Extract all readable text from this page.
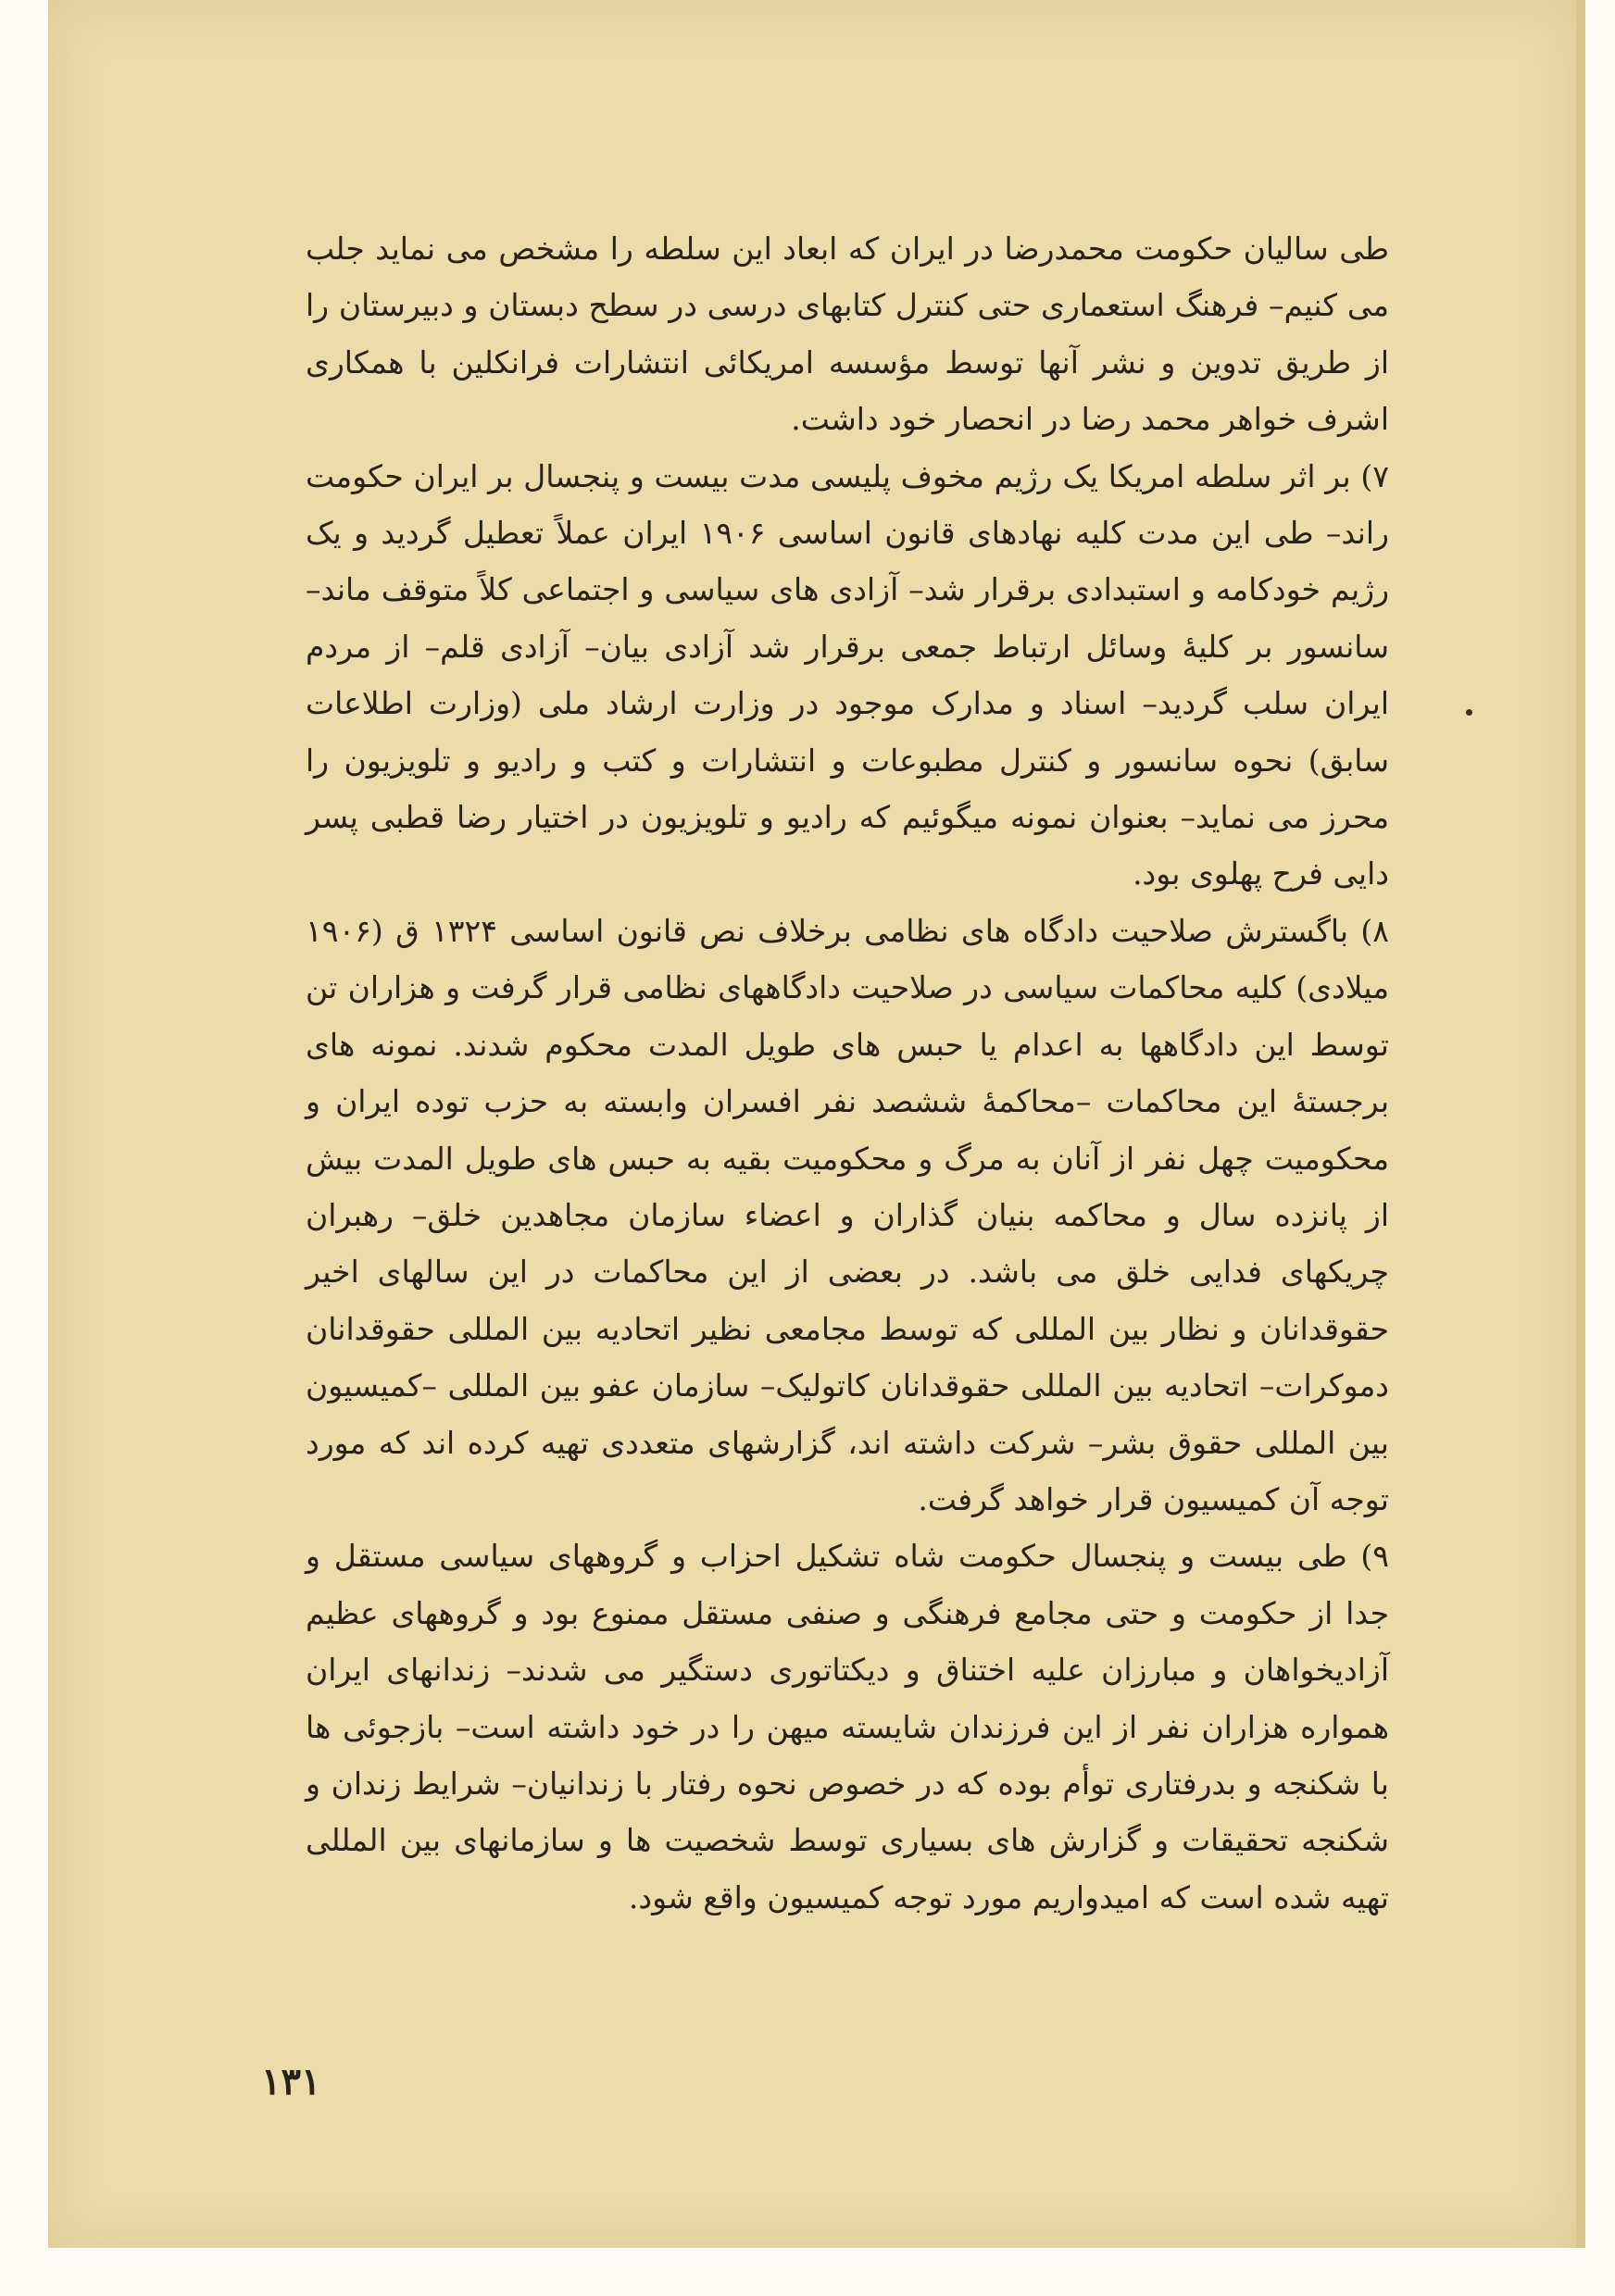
طی سالیان حکومت محمدرضا در ایران که ابعاد این سلطه را مشخص می نماید جلب می کنیم– فرهنگ استعماری حتی کنترل کتابهای درسی در سطح دبستان و دبیرستان را از طریق تدوین و نشر آنها توسط مؤسسه امریکائی انتشارات فرانکلین با همکاری اشرف خواهر محمد رضا در انحصار خود داشت.

۷) بر اثر سلطه امریکا یک رژیم مخوف پلیسی مدت بیست و پنجسال بر ایران حکومت راند– طی این مدت کلیه نهادهای قانون اساسی ۱۹۰۶ ایران عملاً تعطیل گردید و یک رژیم خودکامه و استبدادی برقرار شد– آزادی های سیاسی و اجتماعی کلاً متوقف ماند– سانسور بر کلیهٔ وسائل ارتباط جمعی برقرار شد آزادی بیان– آزادی قلم– از مردم ایران سلب گردید– اسناد و مدارک موجود در وزارت ارشاد ملی (وزارت اطلاعات سابق) نحوه سانسور و کنترل مطبوعات و انتشارات و کتب و رادیو و تلویزیون را محرز می نماید– بعنوان نمونه میگوئیم که رادیو و تلویزیون در اختیار رضا قطبی پسر دایی فرح پهلوی بود.

۸) باگسترش صلاحیت دادگاه های نظامی برخلاف نص قانون اساسی ۱۳۲۴ ق (۱۹۰۶ میلادی) کلیه محاکمات سیاسی در صلاحیت دادگاههای نظامی قرار گرفت و هزاران تن توسط این دادگاهها به اعدام یا حبس های طویل المدت محکوم شدند. نمونه های برجستهٔ این محاکمات –محاکمهٔ ششصد نفر افسران وابسته به حزب توده ایران و محکومیت چهل نفر از آنان به مرگ و محکومیت بقیه به حبس های طویل المدت بیش از پانزده سال و محاکمه بنیان گذاران و اعضاء سازمان مجاهدین خلق– رهبران چریکهای فدایی خلق می باشد. در بعضی از این محاکمات در این سالهای اخیر حقوقدانان و نظار بین المللی که توسط مجامعی نظیر اتحادیه بین المللی حقوقدانان دموکرات– اتحادیه بین المللی حقوقدانان کاتولیک– سازمان عفو بین المللی –کمیسیون بین المللی حقوق بشر– شرکت داشته اند، گزارشهای متعددی تهیه کرده اند که مورد توجه آن کمیسیون قرار خواهد گرفت.

۹) طی بیست و پنجسال حکومت شاه تشکیل احزاب و گروههای سیاسی مستقل و جدا از حکومت و حتی مجامع فرهنگی و صنفی مستقل ممنوع بود و گروههای عظیم آزادیخواهان و مبارزان علیه اختناق و دیکتاتوری دستگیر می شدند– زندانهای ایران همواره هزاران نفر از این فرزندان شایسته میهن را در خود داشته است– بازجوئی ها با شکنجه و بدرفتاری توأم بوده که در خصوص نحوه رفتار با زندانیان– شرایط زندان و شکنجه تحقیقات و گزارش های بسیاری توسط شخصیت ها و سازمانهای بین المللی تهیه شده است که امیدواریم مورد توجه کمیسیون واقع شود.

۱۳۱
